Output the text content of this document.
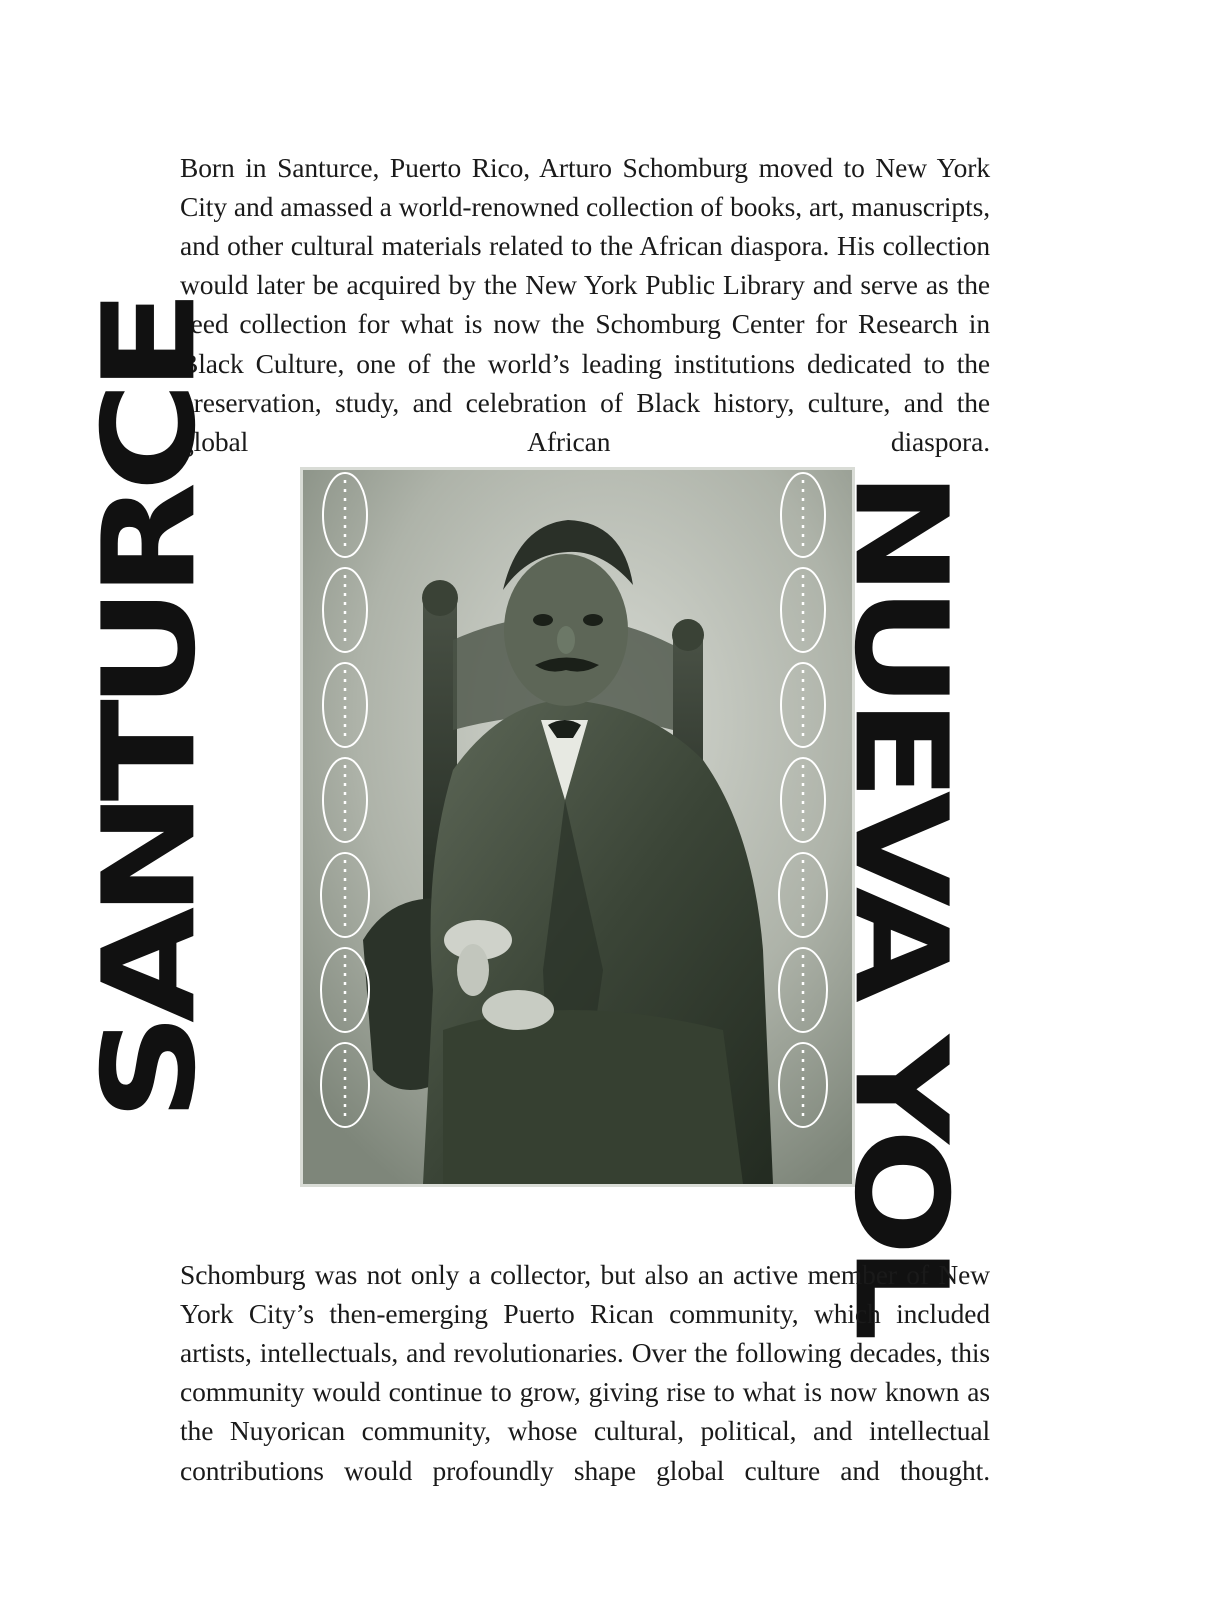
Born in Santurce, Puerto Rico, Arturo Schomburg moved to New York City and amassed a world-renowned collection of books, art, manuscripts, and other cultural materials related to the African diaspora. His collection would later be acquired by the New York Public Library and serve as the seed collection for what is now the Schomburg Center for Research in Black Culture, one of the world’s leading institutions dedicated to the preservation, study, and celebration of Black history, culture, and the global African diaspora.

SANTURCE	NUEVA YOL

Schomburg was not only a collector, but also an active member of New York City’s then-emerging Puerto Rican community, which included artists, intellectuals, and revolutionaries. Over the following decades, this community would continue to grow, giving rise to what is now known as the Nuyorican community, whose cultural, political, and intellectual contributions would profoundly shape global culture and thought.
